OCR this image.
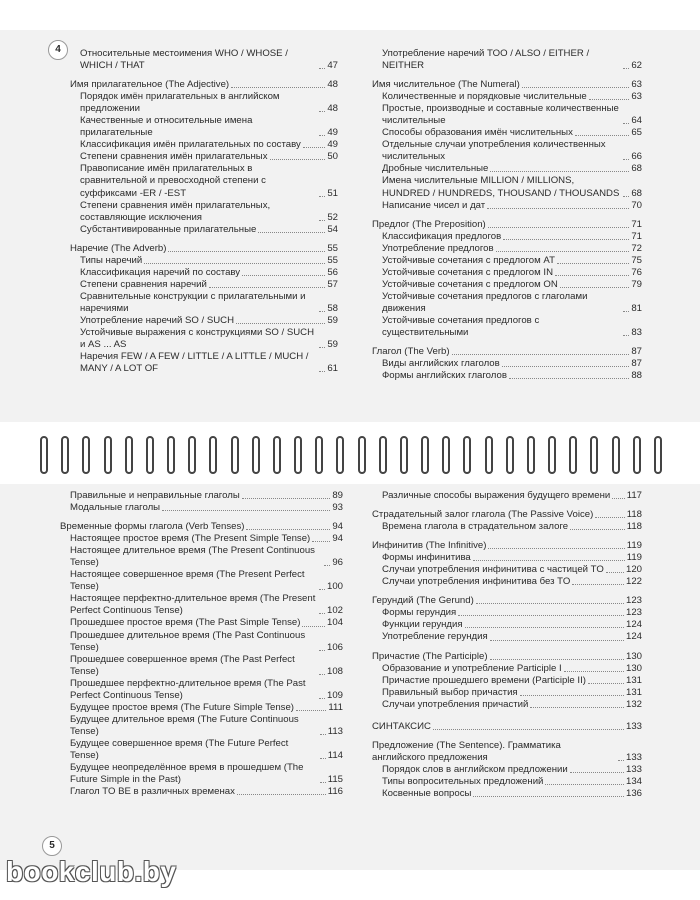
4
5
Относительные местоимения WHO / WHOSE / WHICH / THAT	47
Имя прилагательное (The Adjective)	48
Порядок имён прилагательных в английском предложении	48
Качественные и относительные имена прилагательные	49
Классификация имён прилагательных по составу	49
Степени сравнения имён прилагательных	50
Правописание имён прилагательных в сравнительной и превосходной степени с суффиксами -ER / -EST	51
Степени сравнения имён прилагательных, составляющие исключения	52
Субстантивированные прилагательные	54
Наречие (The Adverb)	55
Типы наречий	55
Классификация наречий по составу	56
Степени сравнения наречий	57
Сравнительные конструкции с прилагательными и наречиями	58
Употребление наречий SO / SUCH	59
Устойчивые выражения с конструкциями SO / SUCH и AS ... AS	59
Наречия FEW / A FEW / LITTLE / A LITTLE / MUCH / MANY / A LOT OF	61
Употребление наречий TOO / ALSO / EITHER / NEITHER	62
Имя числительное (The Numeral)	63
Количественные и порядковые числительные	63
Простые, производные и составные количественные числительные	64
Способы образования имён числительных	65
Отдельные случаи употребления количественных числительных	66
Дробные числительные	68
Имена числительные MILLION / MILLIONS, HUNDRED / HUNDREDS, THOUSAND / THOUSANDS 68
Написание чисел и дат	70
Предлог (The Preposition)	71
Классификация предлогов	71
Употребление предлогов	72
Устойчивые сочетания с предлогом AT	75
Устойчивые сочетания с предлогом IN	76
Устойчивые сочетания с предлогом ON	79
Устойчивые сочетания предлогов с глаголами движения	81
Устойчивые сочетания предлогов с существительными	83
Глагол (The Verb)	87
Виды английских глаголов	87
Формы английских глаголов	88
Правильные и неправильные глаголы	89
Модальные глаголы	93
Временные формы глагола (Verb Tenses)	94
Настоящее простое время (The Present Simple Tense) 94
Настоящее длительное время (The Present Continuous Tense)	96
Настоящее совершенное время (The Present Perfect Tense)	100
Настоящее перфектно-длительное время (The Present Perfect Continuous Tense)	102
Прошедшее простое время (The Past Simple Tense)	104
Прошедшее длительное время (The Past Continuous Tense)	106
Прошедшее совершенное время (The Past Perfect Tense)	108
Прошедшее перфектно-длительное время (The Past Perfect Continuous Tense)	109
Будущее простое время (The Future Simple Tense)	111
Будущее длительное время (The Future Continuous Tense)	113
Будущее совершенное время (The Future Perfect Tense)	114
Будущее неопределённое время в прошедшем (The Future Simple in the Past)	115
Глагол TO BE в различных временах	116
Различные способы выражения будущего времени 117
Страдательный залог глагола (The Passive Voice)	118
Времена глагола в страдательном залоге	118
Инфинитив (The Infinitive)	119
Формы инфинитива	119
Случаи употребления инфинитива с частицей TO 120
Случаи употребления инфинитива без TO	122
Герундий (The Gerund)	123
Формы герундия	123
Функции герундия	124
Употребление герундия	124
Причастие (The Participle)	130
Образование и употребление Participle I	130
Причастие прошедшего времени (Participle II)	131
Правильный выбор причастия	131
Случаи употребления причастий	132
СИНТАКСИС	133
Предложение (The Sentence). Грамматика английского предложения	133
Порядок слов в английском предложении	133
Типы вопросительных предложений	134
Косвенные вопросы	136
bookclub.by
